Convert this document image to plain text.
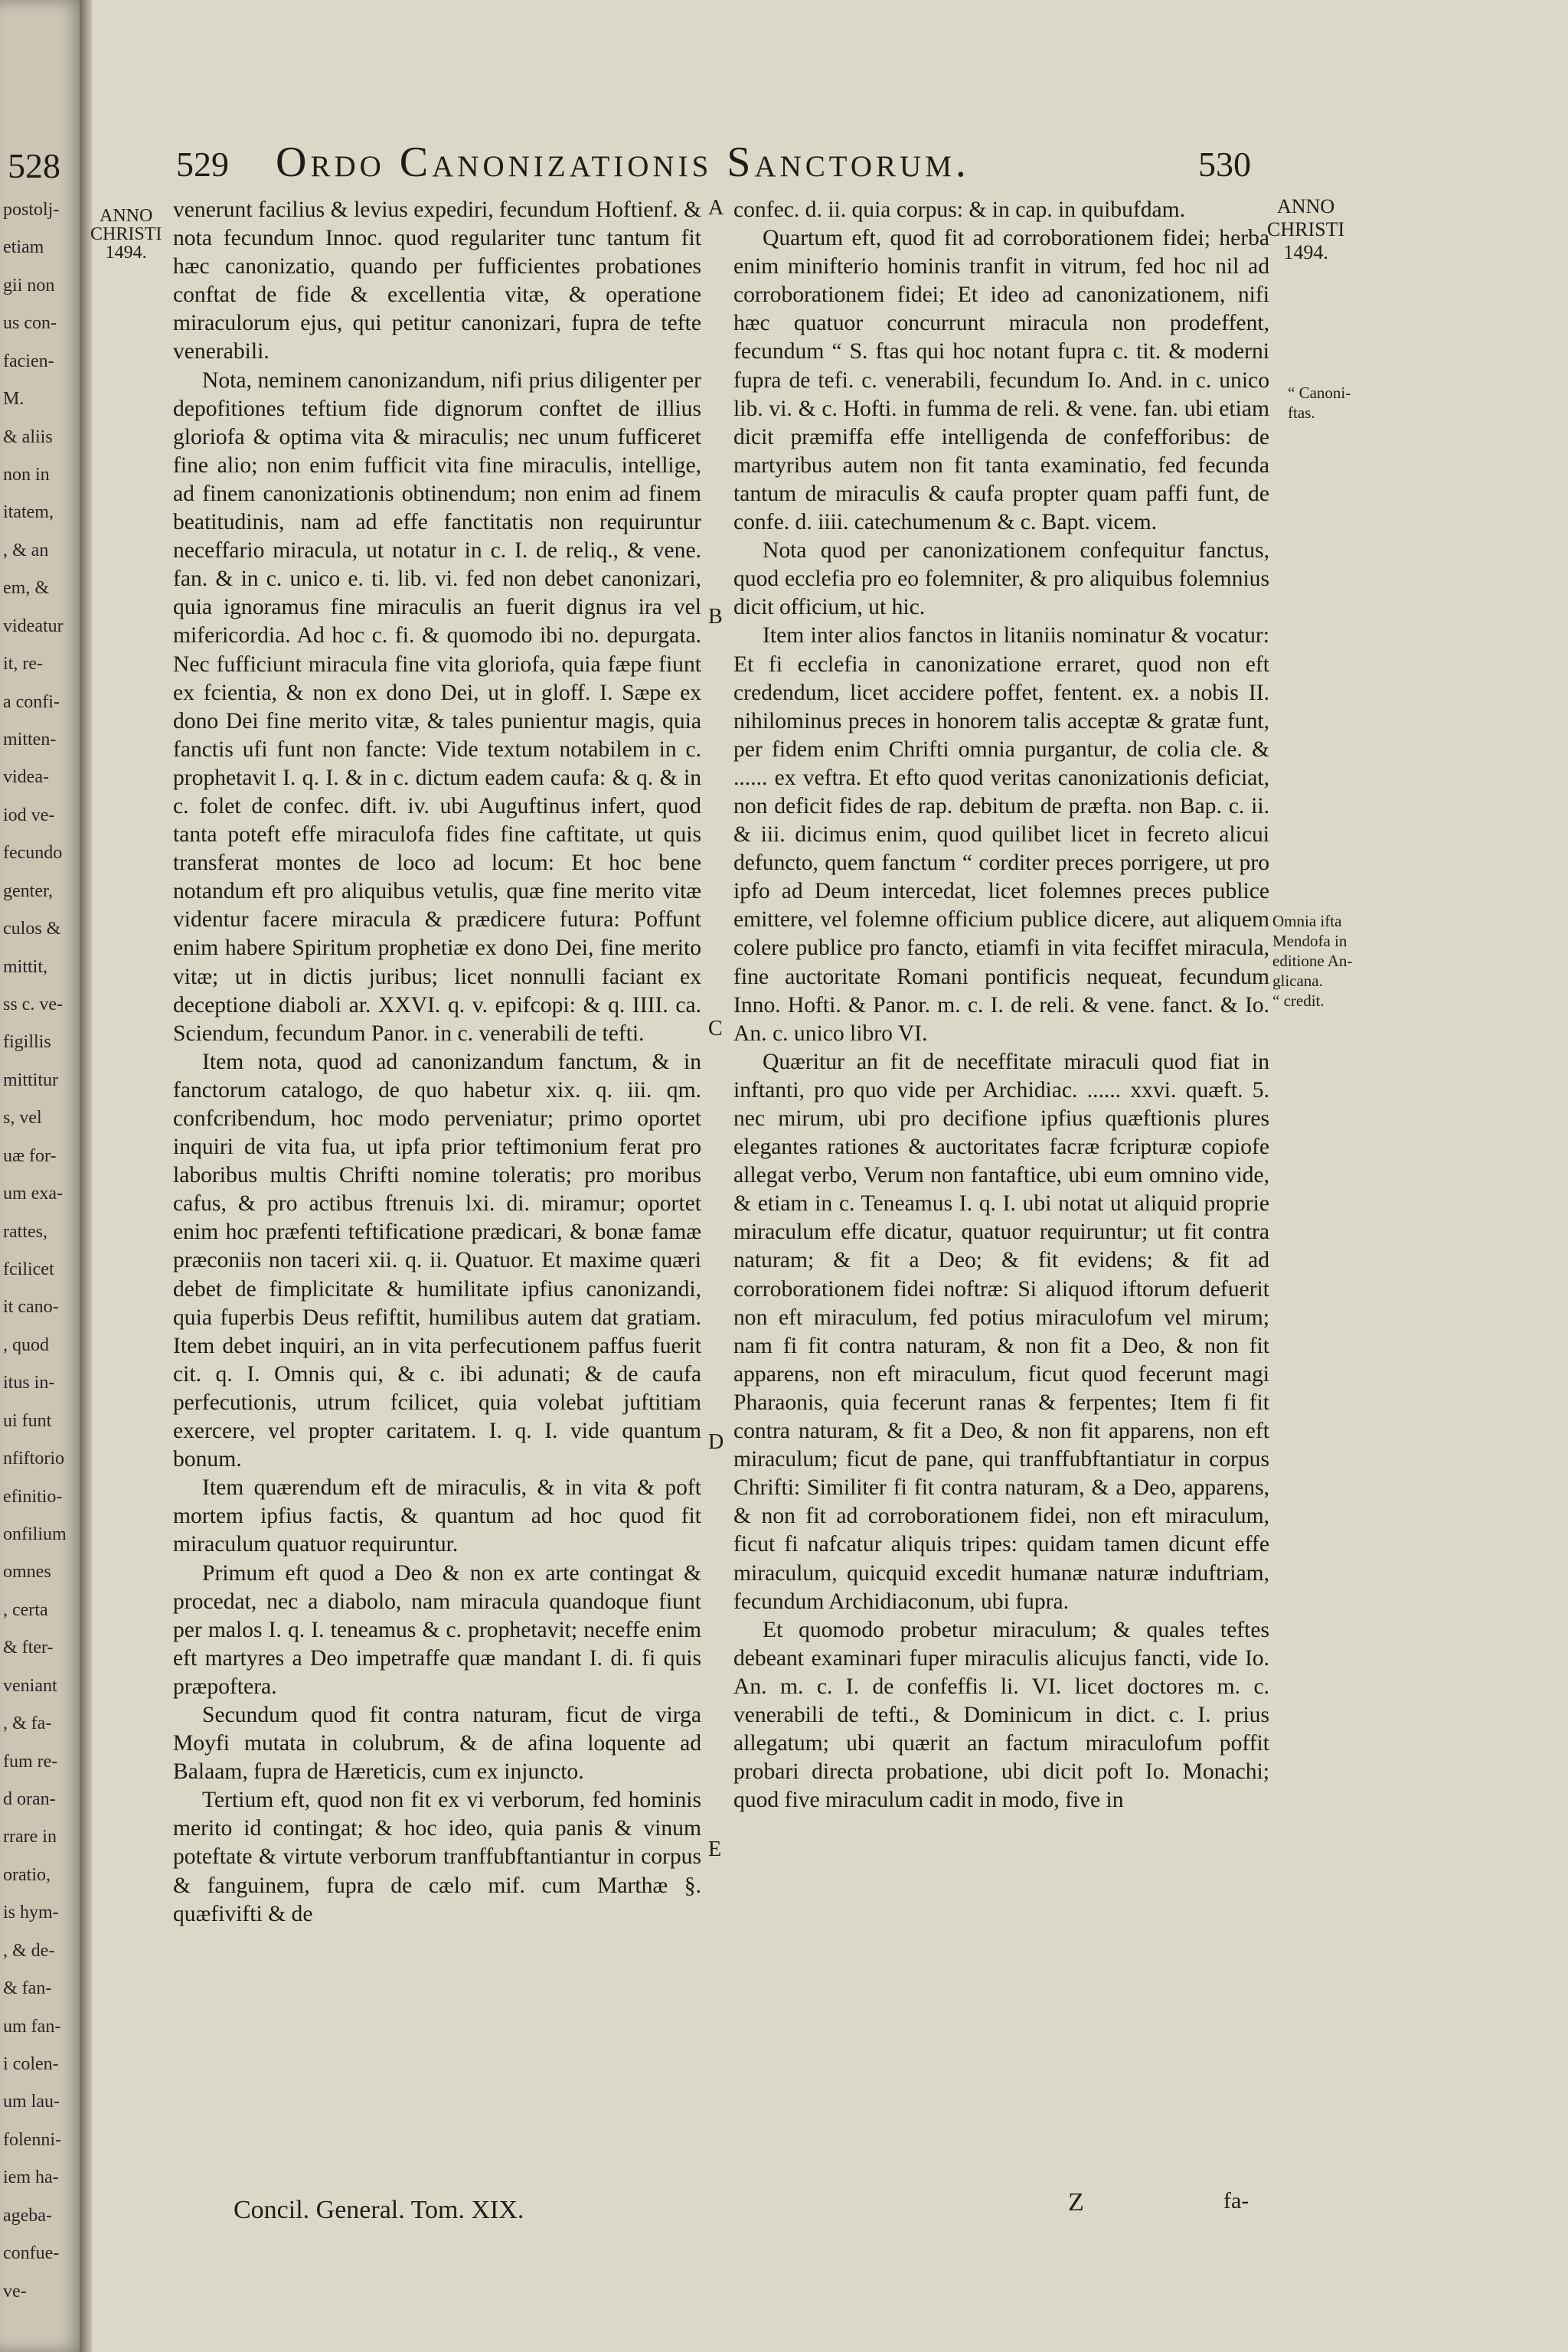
528
postolj-
etiam
gii non
us con-
facien-
M.
& aliis
non in
itatem,
, & an
em, &
videatur
it, re-
a confi-
mitten-
videa-
iod ve-
fecundo
genter,
culos &
mittit,
ss c. ve-
figillis
mittitur
s, vel
uæ for-
um exa-
rattes,
fcilicet
it cano-
, quod
itus in-
ui funt
nfiftorio
efinitio-
onfilium
omnes
, certa
& fter-
veniant
, & fa-
fum re-
d oran-
rrare in
oratio,
is hym-
, & de-
& fan-
um fan-
i colen-
um lau-
folenni-
iem ha-
ageba-
confue-
ve-
529 Ordo Canonizationis Sanctorum.	530
ANNO
CHRISTI
1494.
ANNO
CHRISTI
1494.
“ Canoni-
ftas.
Omnia ifta
Mendofa in
editione An-
glicana.
“ credit.
A
B
C
D
E

venerunt facilius & levius expediri, fecundum Hoftienf. & nota fecundum Innoc. quod regulariter tunc tantum fit hæc canonizatio, quando per fufficientes probationes conftat de fide & excellentia vitæ, & operatione miraculorum ejus, qui petitur canonizari, fupra de tefte venerabili.

Nota, neminem canonizandum, nifi prius diligenter per depofitiones teftium fide dignorum conftet de illius gloriofa & optima vita & miraculis; nec unum fufficeret fine alio; non enim fufficit vita fine miraculis, intellige, ad finem canonizationis obtinendum; non enim ad finem beatitudinis, nam ad effe fanctitatis non requiruntur neceffario miracula, ut notatur in c. I. de reliq., & vene. fan. & in c. unico e. ti. lib. vi. fed non debet canonizari, quia ignoramus fine miraculis an fuerit dignus ira vel mifericordia. Ad hoc c. fi. & quomodo ibi no. depurgata. Nec fufficiunt miracula fine vita gloriofa, quia fæpe fiunt ex fcientia, & non ex dono Dei, ut in gloff. I. Sæpe ex dono Dei fine merito vitæ, & tales punientur magis, quia fanctis ufi funt non fancte: Vide textum notabilem in c. prophetavit I. q. I. & in c. dictum eadem caufa: & q. & in c. folet de confec. dift. iv. ubi Auguftinus infert, quod tanta poteft effe miraculofa fides fine caftitate, ut quis transferat montes de loco ad locum: Et hoc bene notandum eft pro aliquibus vetulis, quæ fine merito vitæ videntur facere miracula & prædicere futura: Poffunt enim habere Spiritum prophetiæ ex dono Dei, fine merito vitæ; ut in dictis juribus; licet nonnulli faciant ex deceptione diaboli ar. XXVI. q. v. epifcopi: & q. IIII. ca. Sciendum, fecundum Panor. in c. venerabili de tefti.

Item nota, quod ad canonizandum fanctum, & in fanctorum catalogo, de quo habetur xix. q. iii. qm. confcribendum, hoc modo perveniatur; primo oportet inquiri de vita fua, ut ipfa prior teftimonium ferat pro laboribus multis Chrifti nomine toleratis; pro moribus cafus, & pro actibus ftrenuis lxi. di. miramur; oportet enim hoc præfenti teftificatione prædicari, & bonæ famæ præconiis non taceri xii. q. ii. Quatuor. Et maxime quæri debet de fimplicitate & humilitate ipfius canonizandi, quia fuperbis Deus refiftit, humilibus autem dat gratiam. Item debet inquiri, an in vita perfecutionem paffus fuerit cit. q. I. Omnis qui, & c. ibi adunati; & de caufa perfecutionis, utrum fcilicet, quia volebat juftitiam exercere, vel propter caritatem. I. q. I. vide quantum bonum.

Item quærendum eft de miraculis, & in vita & poft mortem ipfius factis, & quantum ad hoc quod fit miraculum quatuor requiruntur.

Primum eft quod a Deo & non ex arte contingat & procedat, nec a diabolo, nam miracula quandoque fiunt per malos I. q. I. teneamus & c. prophetavit; neceffe enim eft martyres a Deo impetraffe quæ mandant I. di. fi quis præpoftera.

Secundum quod fit contra naturam, ficut de virga Moyfi mutata in colubrum, & de afina loquente ad Balaam, fupra de Hæreticis, cum ex injuncto.

Tertium eft, quod non fit ex vi verborum, fed hominis merito id contingat; & hoc ideo, quia panis & vinum poteftate & virtute verborum tranffubftantiantur in corpus & fanguinem, fupra de cælo mif. cum Marthæ §. quæfivifti & de

confec. d. ii. quia corpus: & in cap. in quibufdam.

Quartum eft, quod fit ad corroborationem fidei; herba enim minifterio hominis tranfit in vitrum, fed hoc nil ad corroborationem fidei; Et ideo ad canonizationem, nifi hæc quatuor concurrunt miracula non prodeffent, fecundum “ S. ftas qui hoc notant fupra c. tit. & moderni fupra de tefi. c. venerabili, fecundum Io. And. in c. unico lib. vi. & c. Hofti. in fumma de reli. & vene. fan. ubi etiam dicit præmiffa effe intelligenda de confefforibus: de martyribus autem non fit tanta examinatio, fed fecunda tantum de miraculis & caufa propter quam paffi funt, de confe. d. iiii. catechumenum & c. Bapt. vicem.

Nota quod per canonizationem confequitur fanctus, quod ecclefia pro eo folemniter, & pro aliquibus folemnius dicit officium, ut hic.

Item inter alios fanctos in litaniis nominatur & vocatur: Et fi ecclefia in canonizatione erraret, quod non eft credendum, licet accidere poffet, fentent. ex. a nobis II. nihilominus preces in honorem talis acceptæ & gratæ funt, per fidem enim Chrifti omnia purgantur, de colia cle. & ...... ex veftra. Et efto quod veritas canonizationis deficiat, non deficit fides de rap. debitum de præfta. non Bap. c. ii. & iii. dicimus enim, quod quilibet licet in fecreto alicui defuncto, quem fanctum “ corditer preces porrigere, ut pro ipfo ad Deum intercedat, licet folemnes preces publice emittere, vel folemne officium publice dicere, aut aliquem colere publice pro fancto, etiamfi in vita feciffet miracula, fine auctoritate Romani pontificis nequeat, fecundum Inno. Hofti. & Panor. m. c. I. de reli. & vene. fanct. & Io. An. c. unico libro VI.

Quæritur an fit de neceffitate miraculi quod fiat in inftanti, pro quo vide per Archidiac. ...... xxvi. quæft. 5. nec mirum, ubi pro decifione ipfius quæftionis plures elegantes rationes & auctoritates facræ fcripturæ copiofe allegat verbo, Verum non fantaftice, ubi eum omnino vide, & etiam in c. Teneamus I. q. I. ubi notat ut aliquid proprie miraculum effe dicatur, quatuor requiruntur; ut fit contra naturam; & fit a Deo; & fit evidens; & fit ad corroborationem fidei noftræ: Si aliquod iftorum defuerit non eft miraculum, fed potius miraculofum vel mirum; nam fi fit contra naturam, & non fit a Deo, & non fit apparens, non eft miraculum, ficut quod fecerunt magi Pharaonis, quia fecerunt ranas & ferpentes; Item fi fit contra naturam, & fit a Deo, & non fit apparens, non eft miraculum; ficut de pane, qui tranffubftantiatur in corpus Chrifti: Similiter fi fit contra naturam, & a Deo, apparens, & non fit ad corroborationem fidei, non eft miraculum, ficut fi nafcatur aliquis tripes: quidam tamen dicunt effe miraculum, quicquid excedit humanæ naturæ induftriam, fecundum Archidiaconum, ubi fupra.

Et quomodo probetur miraculum; & quales teftes debeant examinari fuper miraculis alicujus fancti, vide Io. An. m. c. I. de confeffis li. VI. licet doctores m. c. venerabili de tefti., & Dominicum in dict. c. I. prius allegatum; ubi quærit an factum miraculofum poffit probari directa probatione, ubi dicit poft Io. Monachi; quod five miraculum cadit in modo, five in

Concil. General. Tom. XIX.	Z	fa-
